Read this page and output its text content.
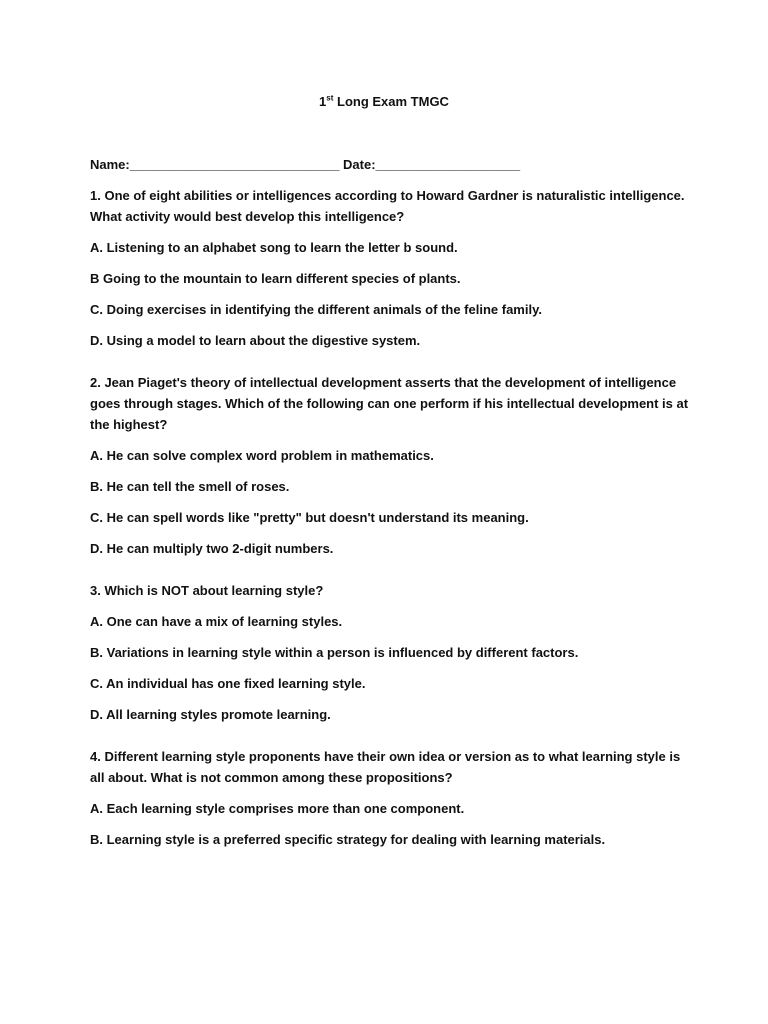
1st Long Exam TMGC
Name:_____________________________ Date:____________________
1. One of eight abilities or intelligences according to Howard Gardner is naturalistic intelligence. What activity would best develop this intelligence?
A. Listening to an alphabet song to learn the letter b sound.
B Going to the mountain to learn different species of plants.
C. Doing exercises in identifying the different animals of the feline family.
D. Using a model to learn about the digestive system.
2. Jean Piaget's theory of intellectual development asserts that the development of intelligence goes through stages. Which of the following can one perform if his intellectual development is at the highest?
A. He can solve complex word problem in mathematics.
B. He can tell the smell of roses.
C. He can spell words like "pretty" but doesn't understand its meaning.
D. He can multiply two 2-digit numbers.
3. Which is NOT about learning style?
A. One can have a mix of learning styles.
B. Variations in learning style within a person is influenced by different factors.
C. An individual has one fixed learning style.
D. All learning styles promote learning.
4. Different learning style proponents have their own idea or version as to what learning style is all about. What is not common among these propositions?
A. Each learning style comprises more than one component.
B. Learning style is a preferred specific strategy for dealing with learning materials.
